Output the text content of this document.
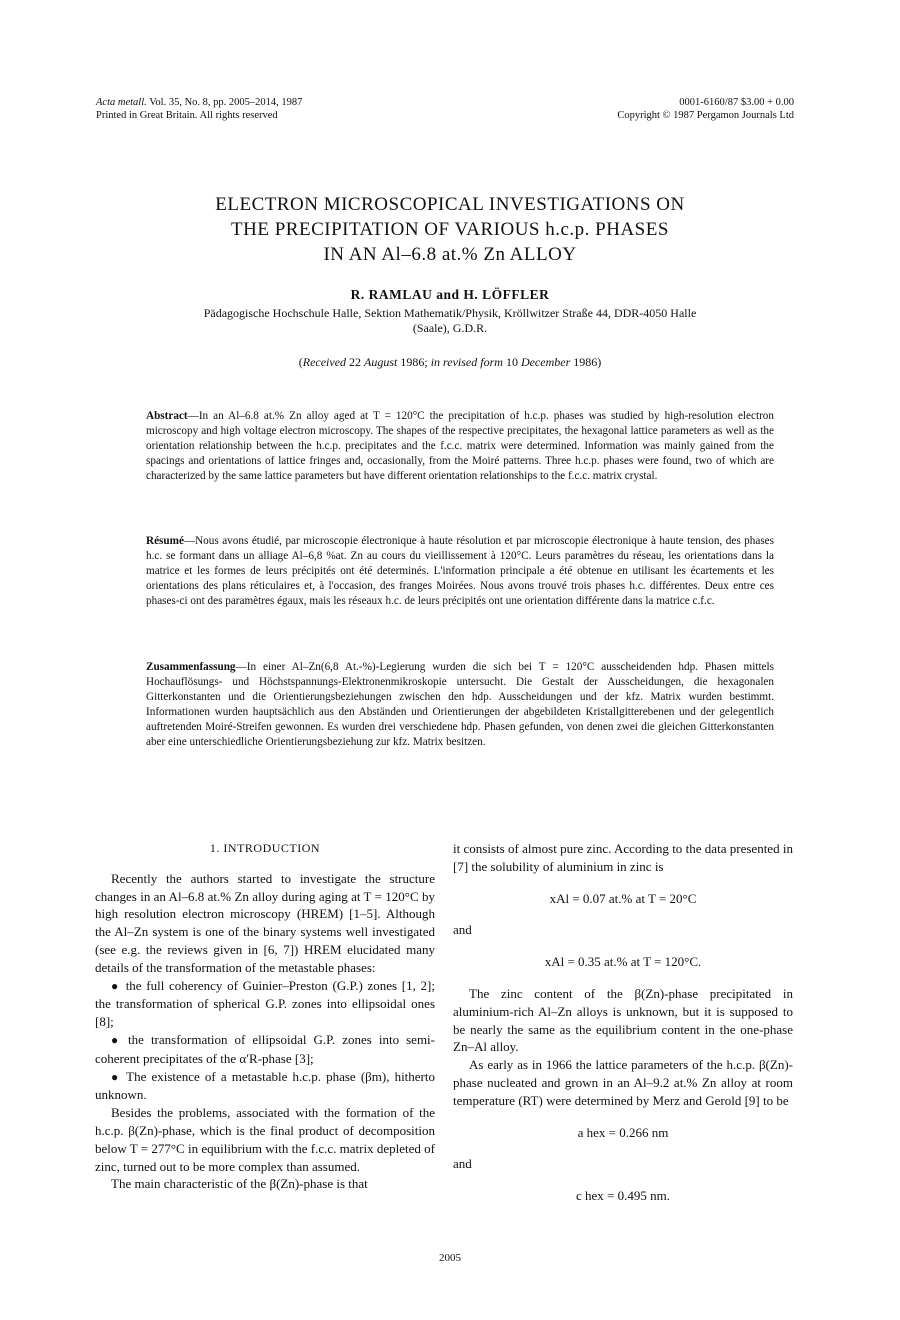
Acta metall. Vol. 35, No. 8, pp. 2005–2014, 1987
Printed in Great Britain. All rights reserved
0001-6160/87 $3.00 + 0.00
Copyright © 1987 Pergamon Journals Ltd
ELECTRON MICROSCOPICAL INVESTIGATIONS ON
THE PRECIPITATION OF VARIOUS h.c.p. PHASES
IN AN Al–6.8 at.% Zn ALLOY
R. RAMLAU and H. LÖFFLER
Pädagogische Hochschule Halle, Sektion Mathematik/Physik, Kröllwitzer Straße 44, DDR-4050 Halle
(Saale), G.D.R.
(Received 22 August 1986; in revised form 10 December 1986)
Abstract—In an Al–6.8 at.% Zn alloy aged at T = 120°C the precipitation of h.c.p. phases was studied by high-resolution electron microscopy and high voltage electron microscopy. The shapes of the respective precipitates, the hexagonal lattice parameters as well as the orientation relationship between the h.c.p. precipitates and the f.c.c. matrix were determined. Information was mainly gained from the spacings and orientations of lattice fringes and, occasionally, from the Moiré patterns. Three h.c.p. phases were found, two of which are characterized by the same lattice parameters but have different orientation relationships to the f.c.c. matrix crystal.
Résumé—Nous avons étudié, par microscopie électronique à haute résolution et par microscopie électronique à haute tension, des phases h.c. se formant dans un alliage Al–6,8 %at. Zn au cours du vieillissement à 120°C. Leurs paramètres du réseau, les orientations dans la matrice et les formes de leurs précipités ont été determinés. L'information principale a été obtenue en utilisant les écartements et les orientations des plans réticulaires et, à l'occasion, des franges Moirées. Nous avons trouvé trois phases h.c. différentes. Deux entre ces phases-ci ont des paramètres égaux, mais les réseaux h.c. de leurs précipités ont une orientation différente dans la matrice c.f.c.
Zusammenfassung—In einer Al–Zn(6,8 At.-%)-Legierung wurden die sich bei T = 120°C ausscheidenden hdp. Phasen mittels Hochauflösungs- und Höchstspannungs-Elektronenmikroskopie untersucht. Die Gestalt der Ausscheidungen, die hexagonalen Gitterkonstanten und die Orientierungsbeziehungen zwischen den hdp. Ausscheidungen und der kfz. Matrix wurden bestimmt. Informationen wurden hauptsächlich aus den Abständen und Orientierungen der abgebildeten Kristallgitterebenen und der gelegentlich auftretenden Moiré-Streifen gewonnen. Es wurden drei verschiedene hdp. Phasen gefunden, von denen zwei die gleichen Gitterkonstanten aber eine unterschiedliche Orientierungsbeziehung zur kfz. Matrix besitzen.
1. INTRODUCTION

Recently the authors started to investigate the structure changes in an Al–6.8 at.% Zn alloy during aging at T = 120°C by high resolution electron microscopy (HREM) [1–5]. Although the Al–Zn system is one of the binary systems well investigated (see e.g. the reviews given in [6, 7]) HREM elucidated many details of the transformation of the metastable phases:

● the full coherency of Guinier–Preston (G.P.) zones [1, 2]; the transformation of spherical G.P. zones into ellipsoidal ones [8];

● the transformation of ellipsoidal G.P. zones into semi-coherent precipitates of the α′R-phase [3];

● The existence of a metastable h.c.p. phase (βm), hitherto unknown.

Besides the problems, associated with the formation of the h.c.p. β(Zn)-phase, which is the final product of decomposition below T = 277°C in equilibrium with the f.c.c. matrix depleted of zinc, turned out to be more complex than assumed.

The main characteristic of the β(Zn)-phase is that

it consists of almost pure zinc. According to the data presented in [7] the solubility of aluminium in zinc is

xAl = 0.07 at.% at T = 20°C
and
xAl = 0.35 at.% at T = 120°C.

The zinc content of the β(Zn)-phase precipitated in aluminium-rich Al–Zn alloys is unknown, but it is supposed to be nearly the same as the equilibrium content in the one-phase Zn–Al alloy.

As early as in 1966 the lattice parameters of the h.c.p. β(Zn)-phase nucleated and grown in an Al–9.2 at.% Zn alloy at room temperature (RT) were determined by Merz and Gerold [9] to be

a hex = 0.266 nm
and
c hex = 0.495 nm.
2005
